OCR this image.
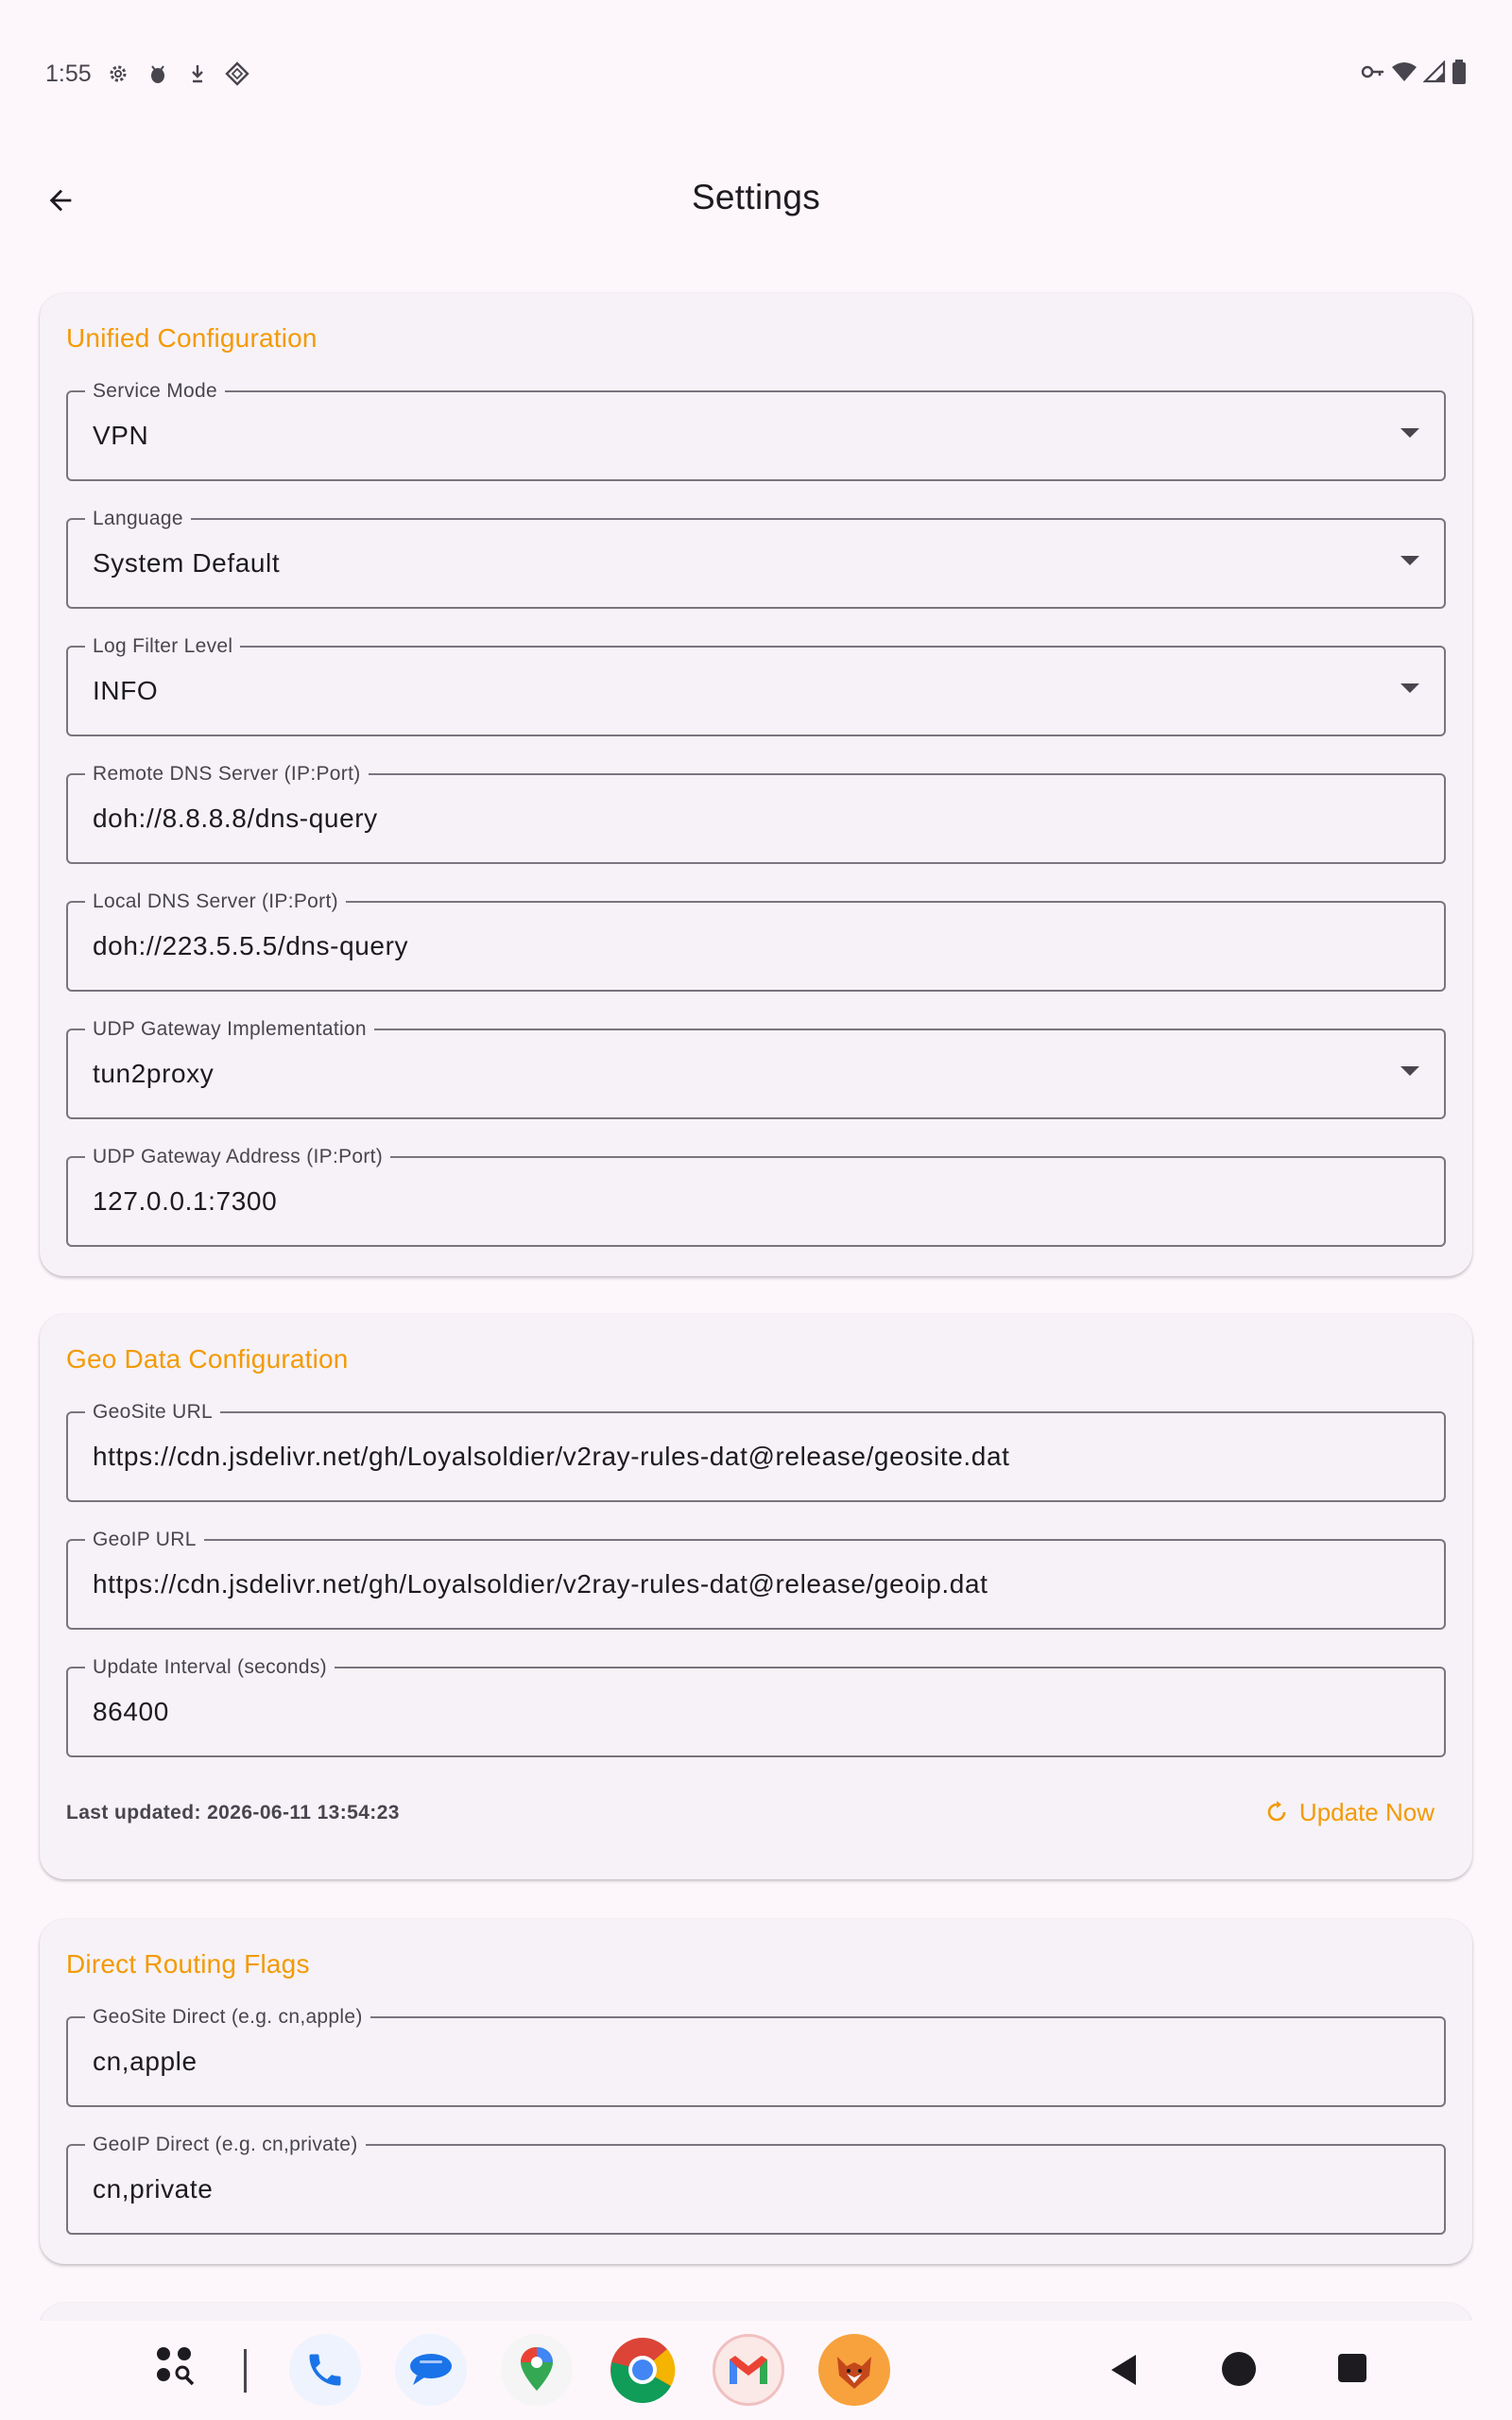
1:55
Settings
Unified Configuration
Service Mode
VPN
Language
System Default
Log Filter Level
INFO
Remote DNS Server (IP:Port)
doh://8.8.8.8/dns-query
Local DNS Server (IP:Port)
doh://223.5.5.5/dns-query
UDP Gateway Implementation
tun2proxy
UDP Gateway Address (IP:Port)
127.0.0.1:7300
Geo Data Configuration
GeoSite URL
https://cdn.jsdelivr.net/gh/Loyalsoldier/v2ray-rules-dat@release/geosite.dat
GeoIP URL
https://cdn.jsdelivr.net/gh/Loyalsoldier/v2ray-rules-dat@release/geoip.dat
Update Interval (seconds)
86400
Last updated: 2026-06-11 13:54:23	Update Now
Direct Routing Flags
GeoSite Direct (e.g. cn,apple)
cn,apple
GeoIP Direct (e.g. cn,private)
cn,private
